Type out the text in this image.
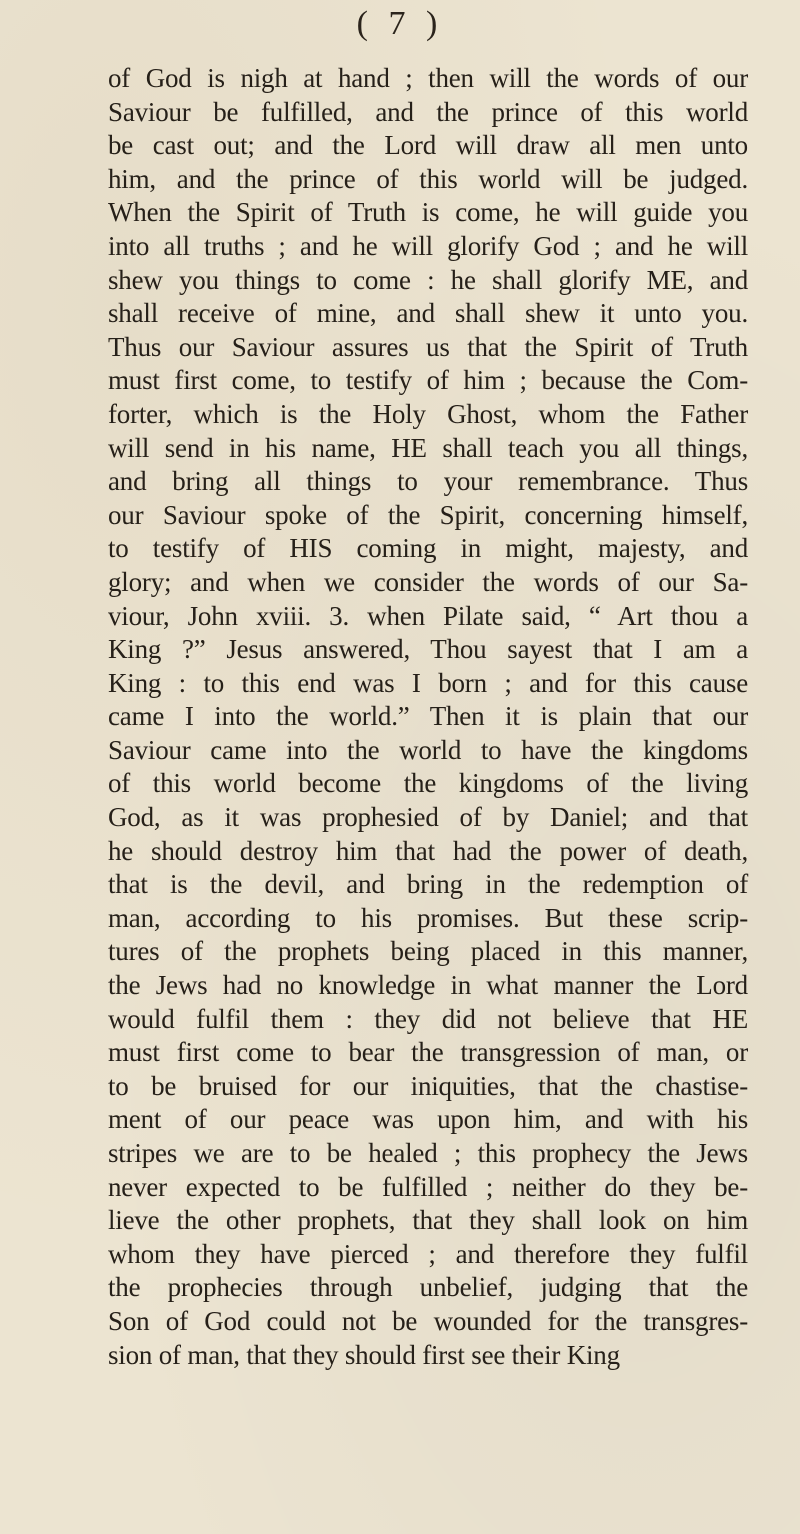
( 7 )
of God is nigh at hand ; then will the words of our
Saviour be fulfilled, and the prince of this world
be cast out; and the Lord will draw all men unto
him, and the prince of this world will be judged.
When the Spirit of Truth is come, he will guide you
into all truths ; and he will glorify God ; and he will
shew you things to come : he shall glorify ME, and
shall receive of mine, and shall shew it unto you.
Thus our Saviour assures us that the Spirit of Truth
must first come, to testify of him ; because the Com-
forter, which is the Holy Ghost, whom the Father
will send in his name, HE shall teach you all things,
and bring all things to your remembrance. Thus
our Saviour spoke of the Spirit, concerning himself,
to testify of HIS coming in might, majesty, and
glory; and when we consider the words of our Sa-
viour, John xviii. 3. when Pilate said, “ Art thou a
King ?” Jesus answered, Thou sayest that I am a
King : to this end was I born ; and for this cause
came I into the world.” Then it is plain that our
Saviour came into the world to have the kingdoms
of this world become the kingdoms of the living
God, as it was prophesied of by Daniel; and that
he should destroy him that had the power of death,
that is the devil, and bring in the redemption of
man, according to his promises. But these scrip-
tures of the prophets being placed in this manner,
the Jews had no knowledge in what manner the Lord
would fulfil them : they did not believe that HE
must first come to bear the transgression of man, or
to be bruised for our iniquities, that the chastise-
ment of our peace was upon him, and with his
stripes we are to be healed ; this prophecy the Jews
never expected to be fulfilled ; neither do they be-
lieve the other prophets, that they shall look on him
whom they have pierced ; and therefore they fulfil
the prophecies through unbelief, judging that the
Son of God could not be wounded for the transgres-
sion of man, that they should first see their King
